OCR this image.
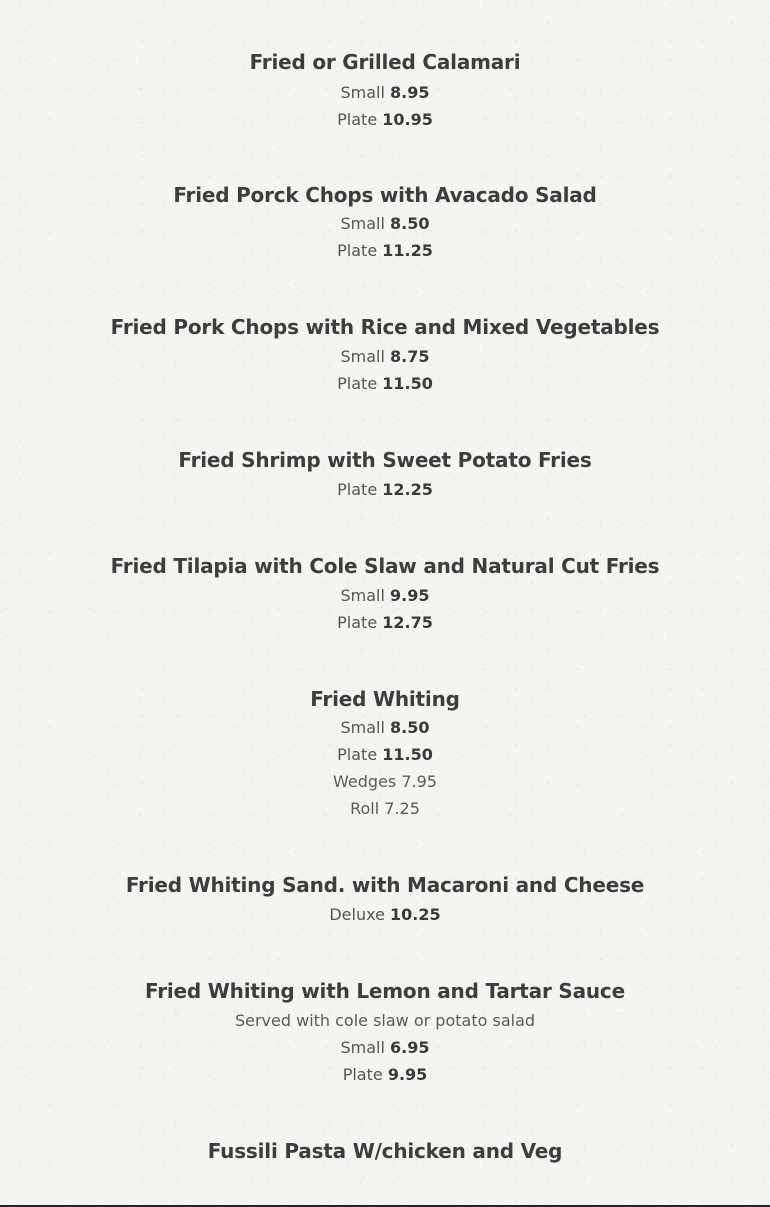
Fried or Grilled Calamari
Small 8.95
Plate 10.95
Fried Porck Chops with Avacado Salad
Small 8.50
Plate 11.25
Fried Pork Chops with Rice and Mixed Vegetables
Small 8.75
Plate 11.50
Fried Shrimp with Sweet Potato Fries
Plate 12.25
Fried Tilapia with Cole Slaw and Natural Cut Fries
Small 9.95
Plate 12.75
Fried Whiting
Small 8.50
Plate 11.50
Wedges 7.95
Roll 7.25
Fried Whiting Sand. with Macaroni and Cheese
Deluxe 10.25
Fried Whiting with Lemon and Tartar Sauce
Served with cole slaw or potato salad
Small 6.95
Plate 9.95
Fussili Pasta W/chicken and Veg
